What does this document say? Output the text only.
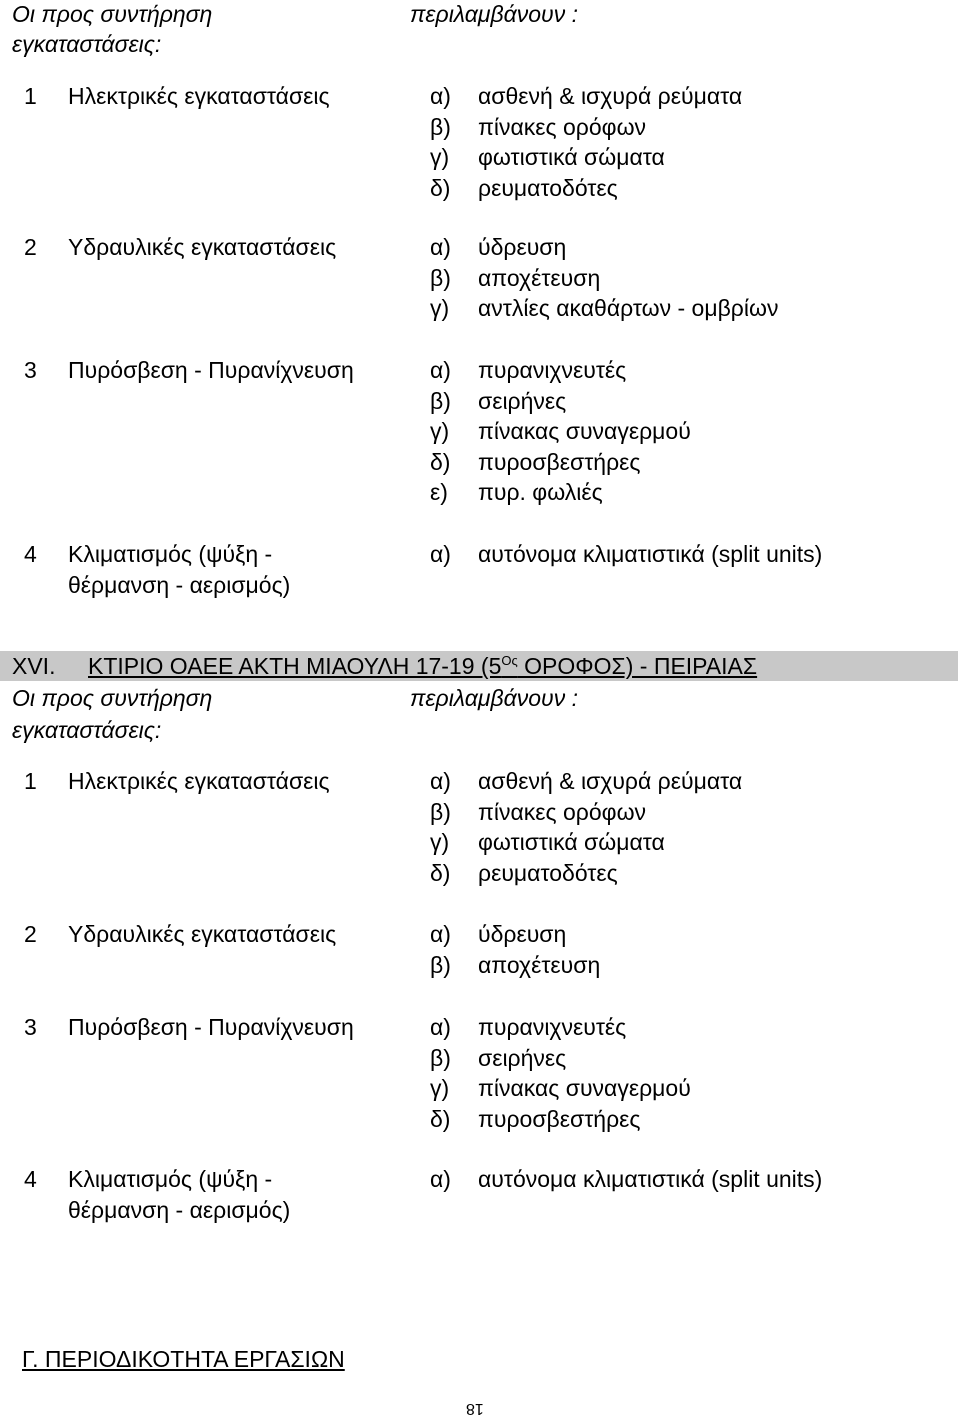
Οι προς συντήρηση
εγκαταστάσεις:
περιλαμβάνουν :
1 Ηλεκτρικές εγκαταστάσεις	α) ασθενή & ισχυρά ρεύματα
β) πίνακες ορόφων
γ) φωτιστικά σώματα
δ) ρευματοδότες
2 Υδραυλικές εγκαταστάσεις	α) ύδρευση
β) αποχέτευση
γ) αντλίες ακαθάρτων - ομβρίων
3 Πυρόσβεση - Πυρανίχνευση	α) πυρανιχνευτές
β) σειρήνες
γ) πίνακας συναγερμού
δ) πυροσβεστήρες
ε) πυρ. φωλιές
4 Κλιματισμός (ψύξη -
θέρμανση - αερισμός)
α) αυτόνομα κλιματιστικά (split units)
XVI. ΚΤΙΡΙΟ ΟΑΕΕ ΑΚΤΗ ΜΙΑΟΥΛΗ 17-19 ($5^{O\varsigma}$ ΟΡΟΦΟΣ) - ΠΕΙΡΑΙΑΣ
Οι προς συντήρηση
εγκαταστάσεις:
περιλαμβάνουν :
1 Ηλεκτρικές εγκαταστάσεις	α) ασθενή & ισχυρά ρεύματα
β) πίνακες ορόφων
γ) φωτιστικά σώματα
δ) ρευματοδότες
2 Υδραυλικές εγκαταστάσεις	α) ύδρευση
β) αποχέτευση
3 Πυρόσβεση - Πυρανίχνευση	α) πυρανιχνευτές
β) σειρήνες
γ) πίνακας συναγερμού
δ) πυροσβεστήρες
4 Κλιματισμός (ψύξη -
θέρμανση - αερισμός)
α) αυτόνομα κλιματιστικά (split units)
Γ. ΠΕΡΙΟΔΙΚΟΤΗΤΑ ΕΡΓΑΣΙΩΝ
18
